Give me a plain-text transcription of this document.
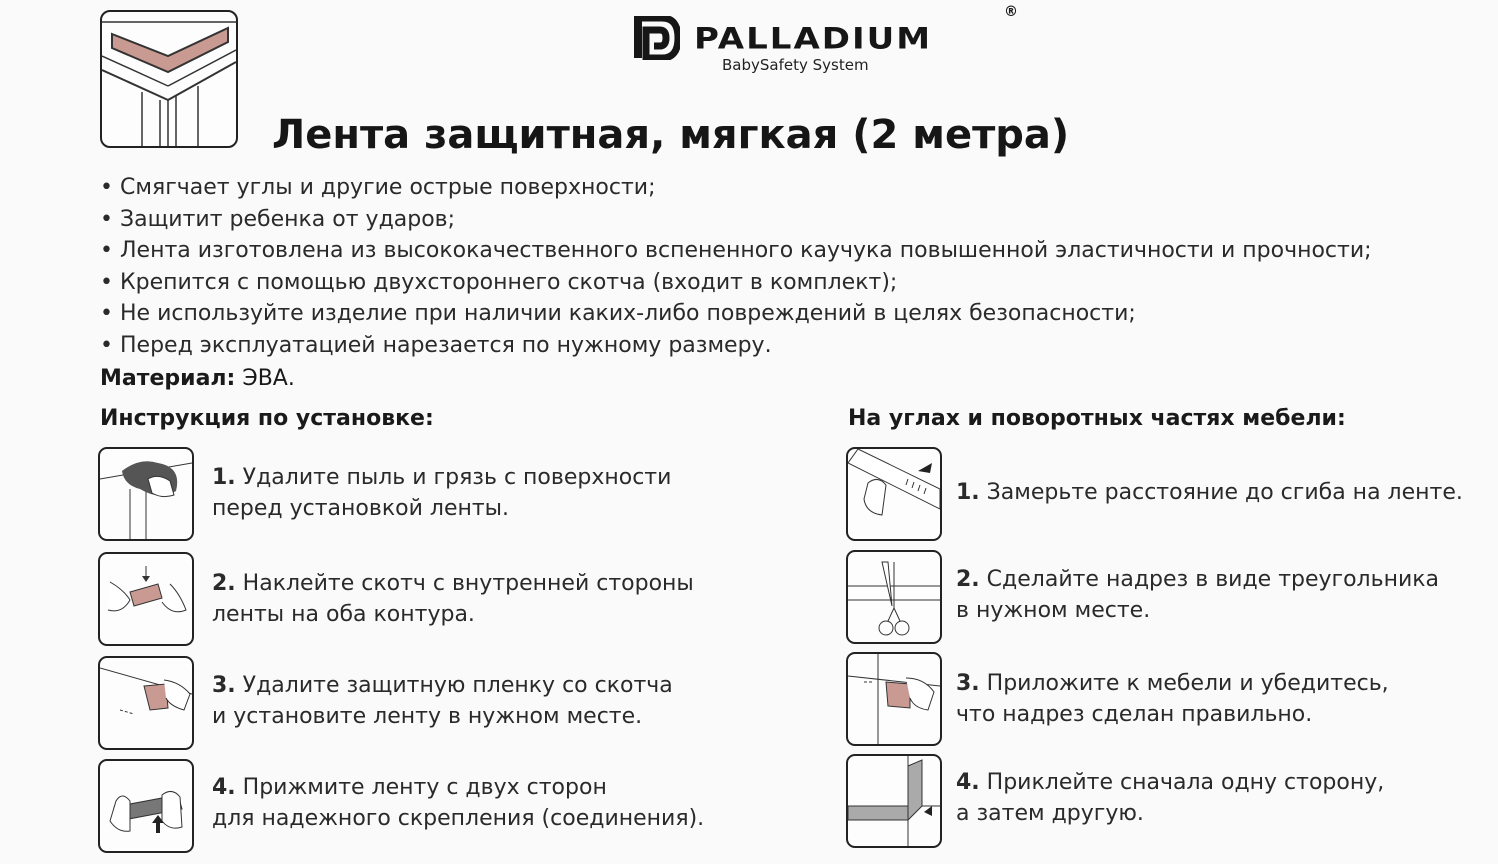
PALLADIUM
®
BabySafety System
Лента защитная, мягкая (2 метра)
• Смягчает углы и другие острые поверхности;
• Защитит ребенка от ударов;
• Лента изготовлена из высококачественного вспененного каучука повышенной эластичности и прочности;
• Крепится с помощью двухстороннего скотча (входит в комплект);
• Не используйте изделие при наличии каких-либо повреждений в целях безопасности;
• Перед эксплуатацией нарезается по нужному размеру.
Материал: ЭВА.
Инструкция по установке:
1. Удалите пыль и грязь с поверхности
перед установкой ленты.
2. Наклейте скотч с внутренней стороны
ленты на оба контура.
3. Удалите защитную пленку со скотча
и установите ленту в нужном месте.
4. Прижмите ленту с двух сторон
для надежного скрепления (соединения).
На углах и поворотных частях мебели:
1. Замерьте расстояние до сгиба на ленте.
2. Сделайте надрез в виде треугольника
в нужном месте.
3. Приложите к мебели и убедитесь,
что надрез сделан правильно.
4. Приклейте сначала одну сторону,
а затем другую.
